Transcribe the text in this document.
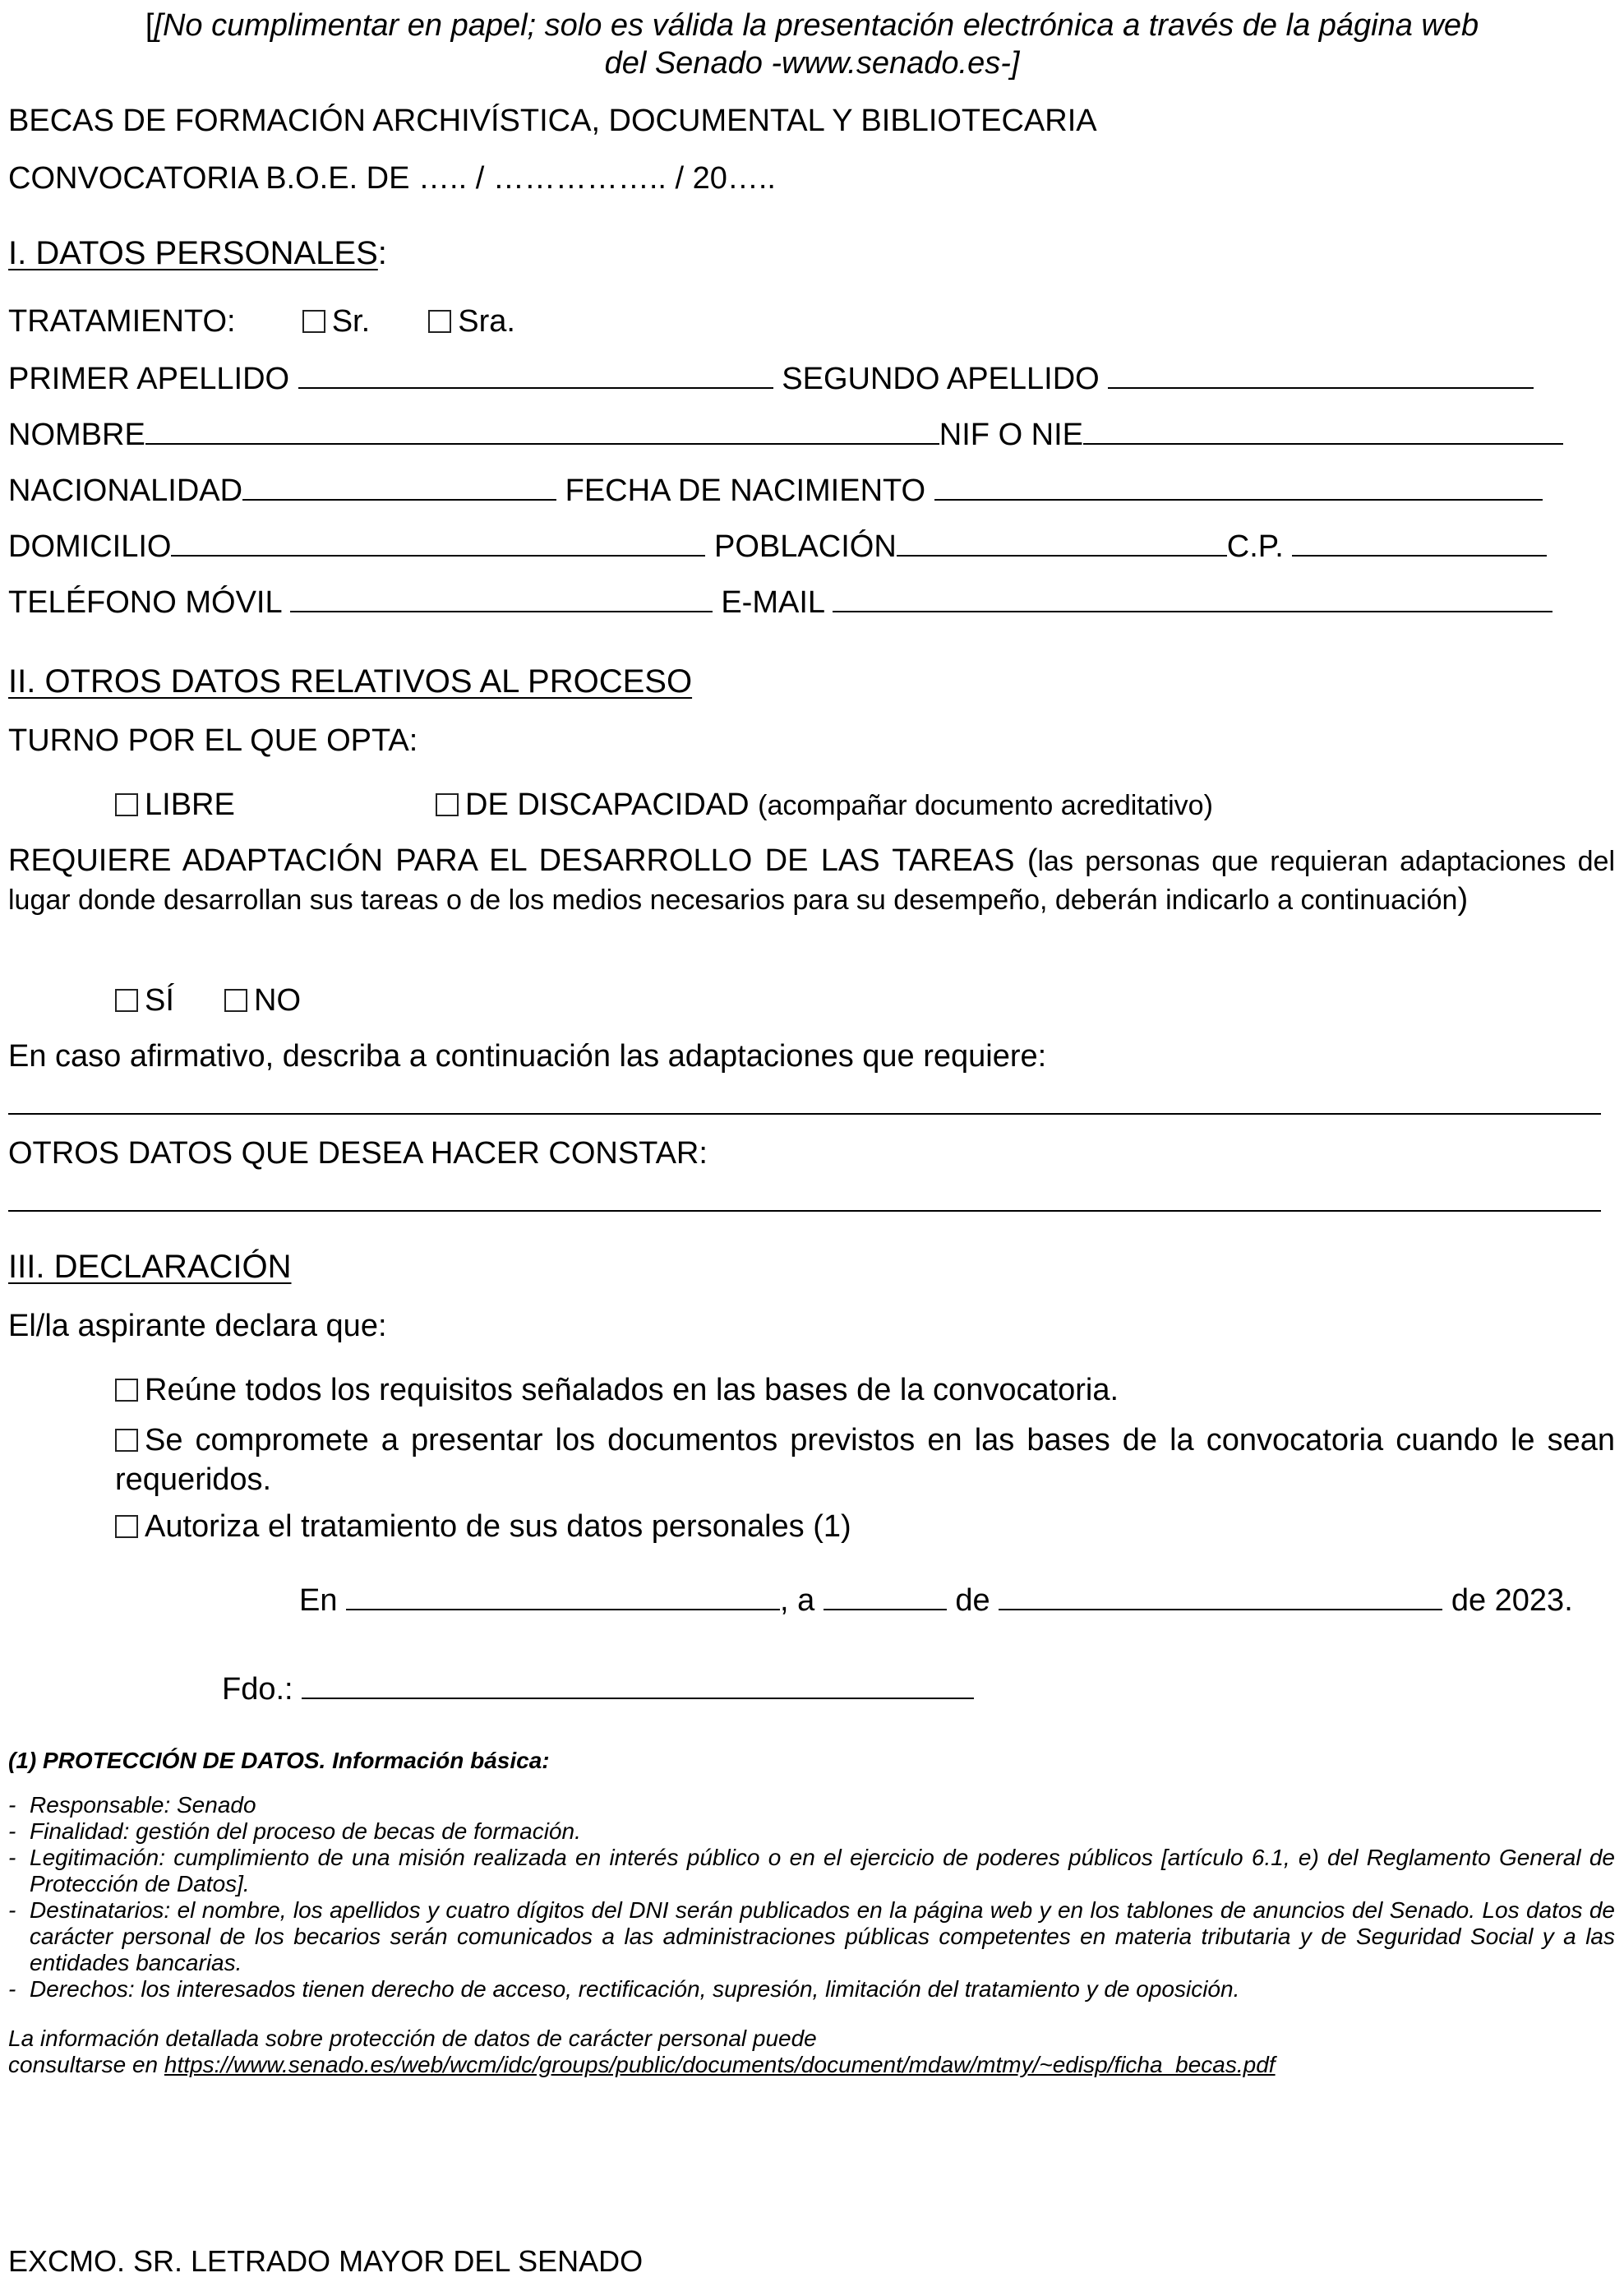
[[No cumplimentar en papel; solo es válida la presentación electrónica a través de la página web
del Senado -www.senado.es-]
BECAS DE FORMACIÓN ARCHIVÍSTICA, DOCUMENTAL Y BIBLIOTECARIA
CONVOCATORIA B.O.E. DE ….. / …………….. / 20…..
I. DATOS PERSONALES:
TRATAMIENTO:	Sr.	Sra.
PRIMER APELLIDO	SEGUNDO APELLIDO
NOMBRE	NIF O NIE
NACIONALIDAD	FECHA DE NACIMIENTO
DOMICILIO	POBLACIÓN	C.P.
TELÉFONO MÓVIL	E-MAIL
II. OTROS DATOS RELATIVOS AL PROCESO
TURNO POR EL QUE OPTA:
LIBRE	DE DISCAPACIDAD (acompañar documento acreditativo)
REQUIERE ADAPTACIÓN PARA EL DESARROLLO DE LAS TAREAS (las personas que requieran adaptaciones del lugar donde desarrollan sus tareas o de los medios necesarios para su desempeño, deberán indicarlo a continuación)
SÍ	NO
En caso afirmativo, describa a continuación las adaptaciones que requiere:
OTROS DATOS QUE DESEA HACER CONSTAR:
III. DECLARACIÓN
El/la aspirante declara que:
Reúne todos los requisitos señalados en las bases de la convocatoria.
Se compromete a presentar los documentos previstos en las bases de la convocatoria cuando le sean requeridos.
Autoriza el tratamiento de sus datos personales (1)
En	, a	de	de 2023.
Fdo.:
(1) PROTECCIÓN DE DATOS. Información básica:
- Responsable: Senado
- Finalidad: gestión del proceso de becas de formación.
- Legitimación: cumplimiento de una misión realizada en interés público o en el ejercicio de poderes públicos [artículo 6.1, e) del Reglamento General de Protección de Datos].
- Destinatarios: el nombre, los apellidos y cuatro dígitos del DNI serán publicados en la página web y en los tablones de anuncios del Senado. Los datos de carácter personal de los becarios serán comunicados a las administraciones públicas competentes en materia tributaria y de Seguridad Social y a las entidades bancarias.
- Derechos: los interesados tienen derecho de acceso, rectificación, supresión, limitación del tratamiento y de oposición.
La información detallada sobre protección de datos de carácter personal puede
consultarse en https://www.senado.es/web/wcm/idc/groups/public/documents/document/mdaw/mtmy/~edisp/ficha_becas.pdf
EXCMO. SR. LETRADO MAYOR DEL SENADO
